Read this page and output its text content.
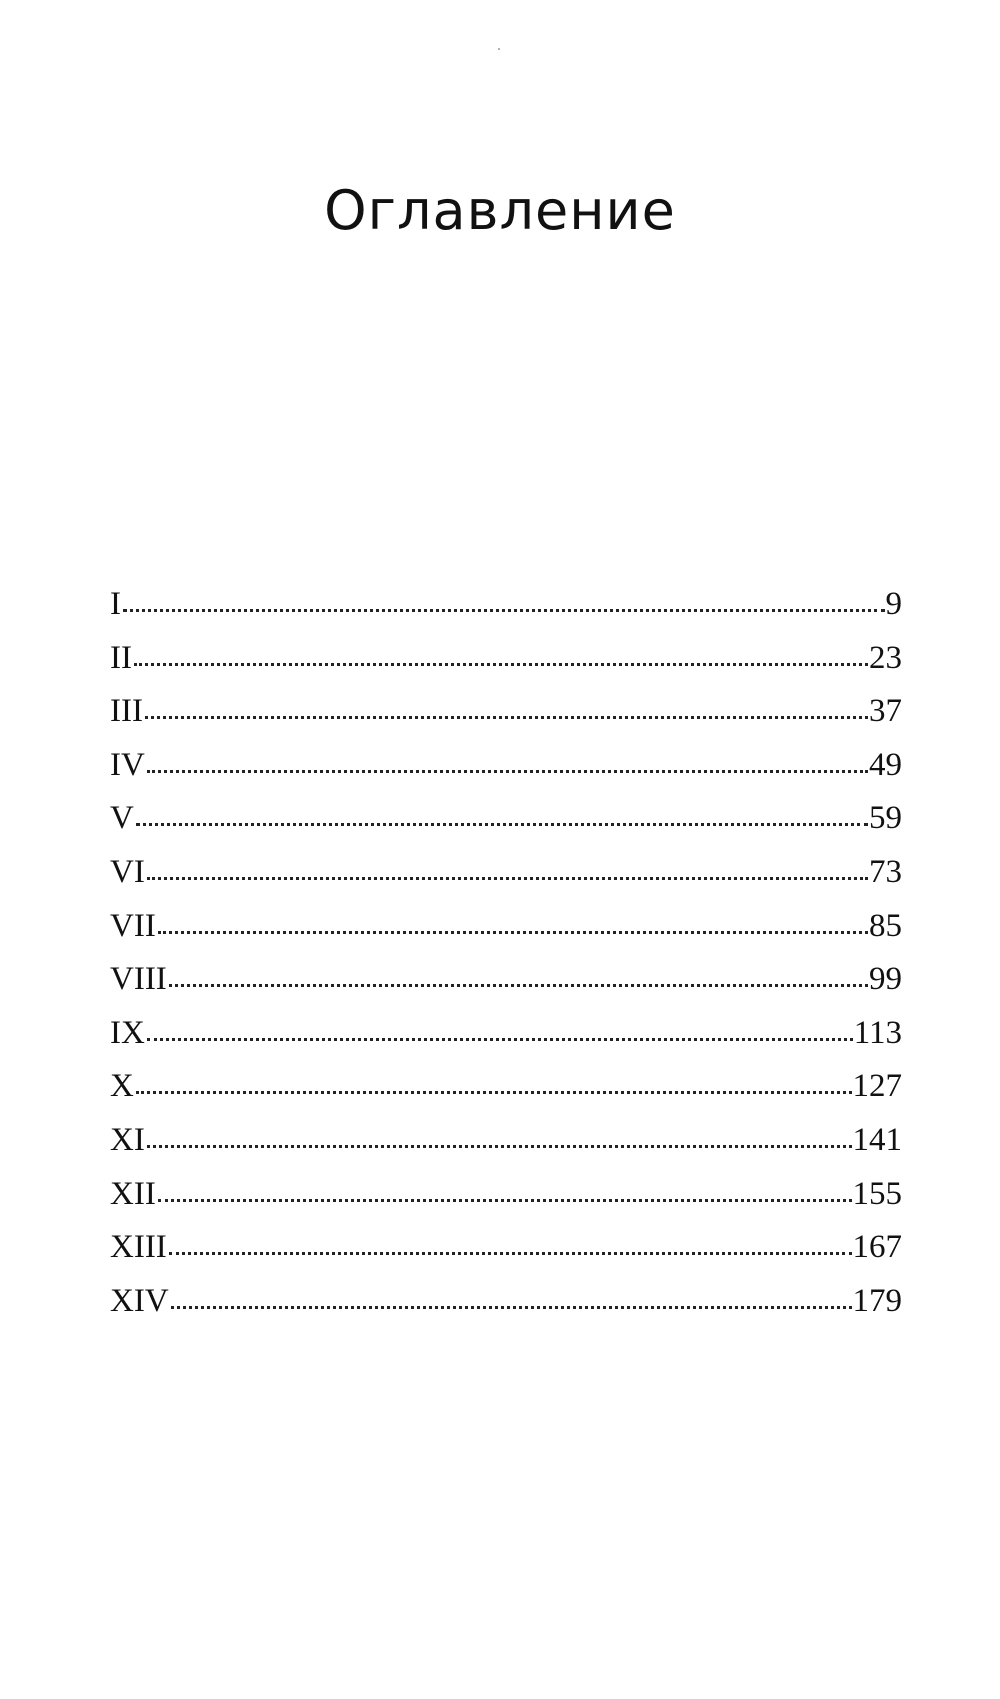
Оглавление
I	9
II	23
III	37
IV	49
V	59
VI	73
VII	85
VIII	99
IX	113
X	127
XI	141
XII	155
XIII	167
XIV	179
